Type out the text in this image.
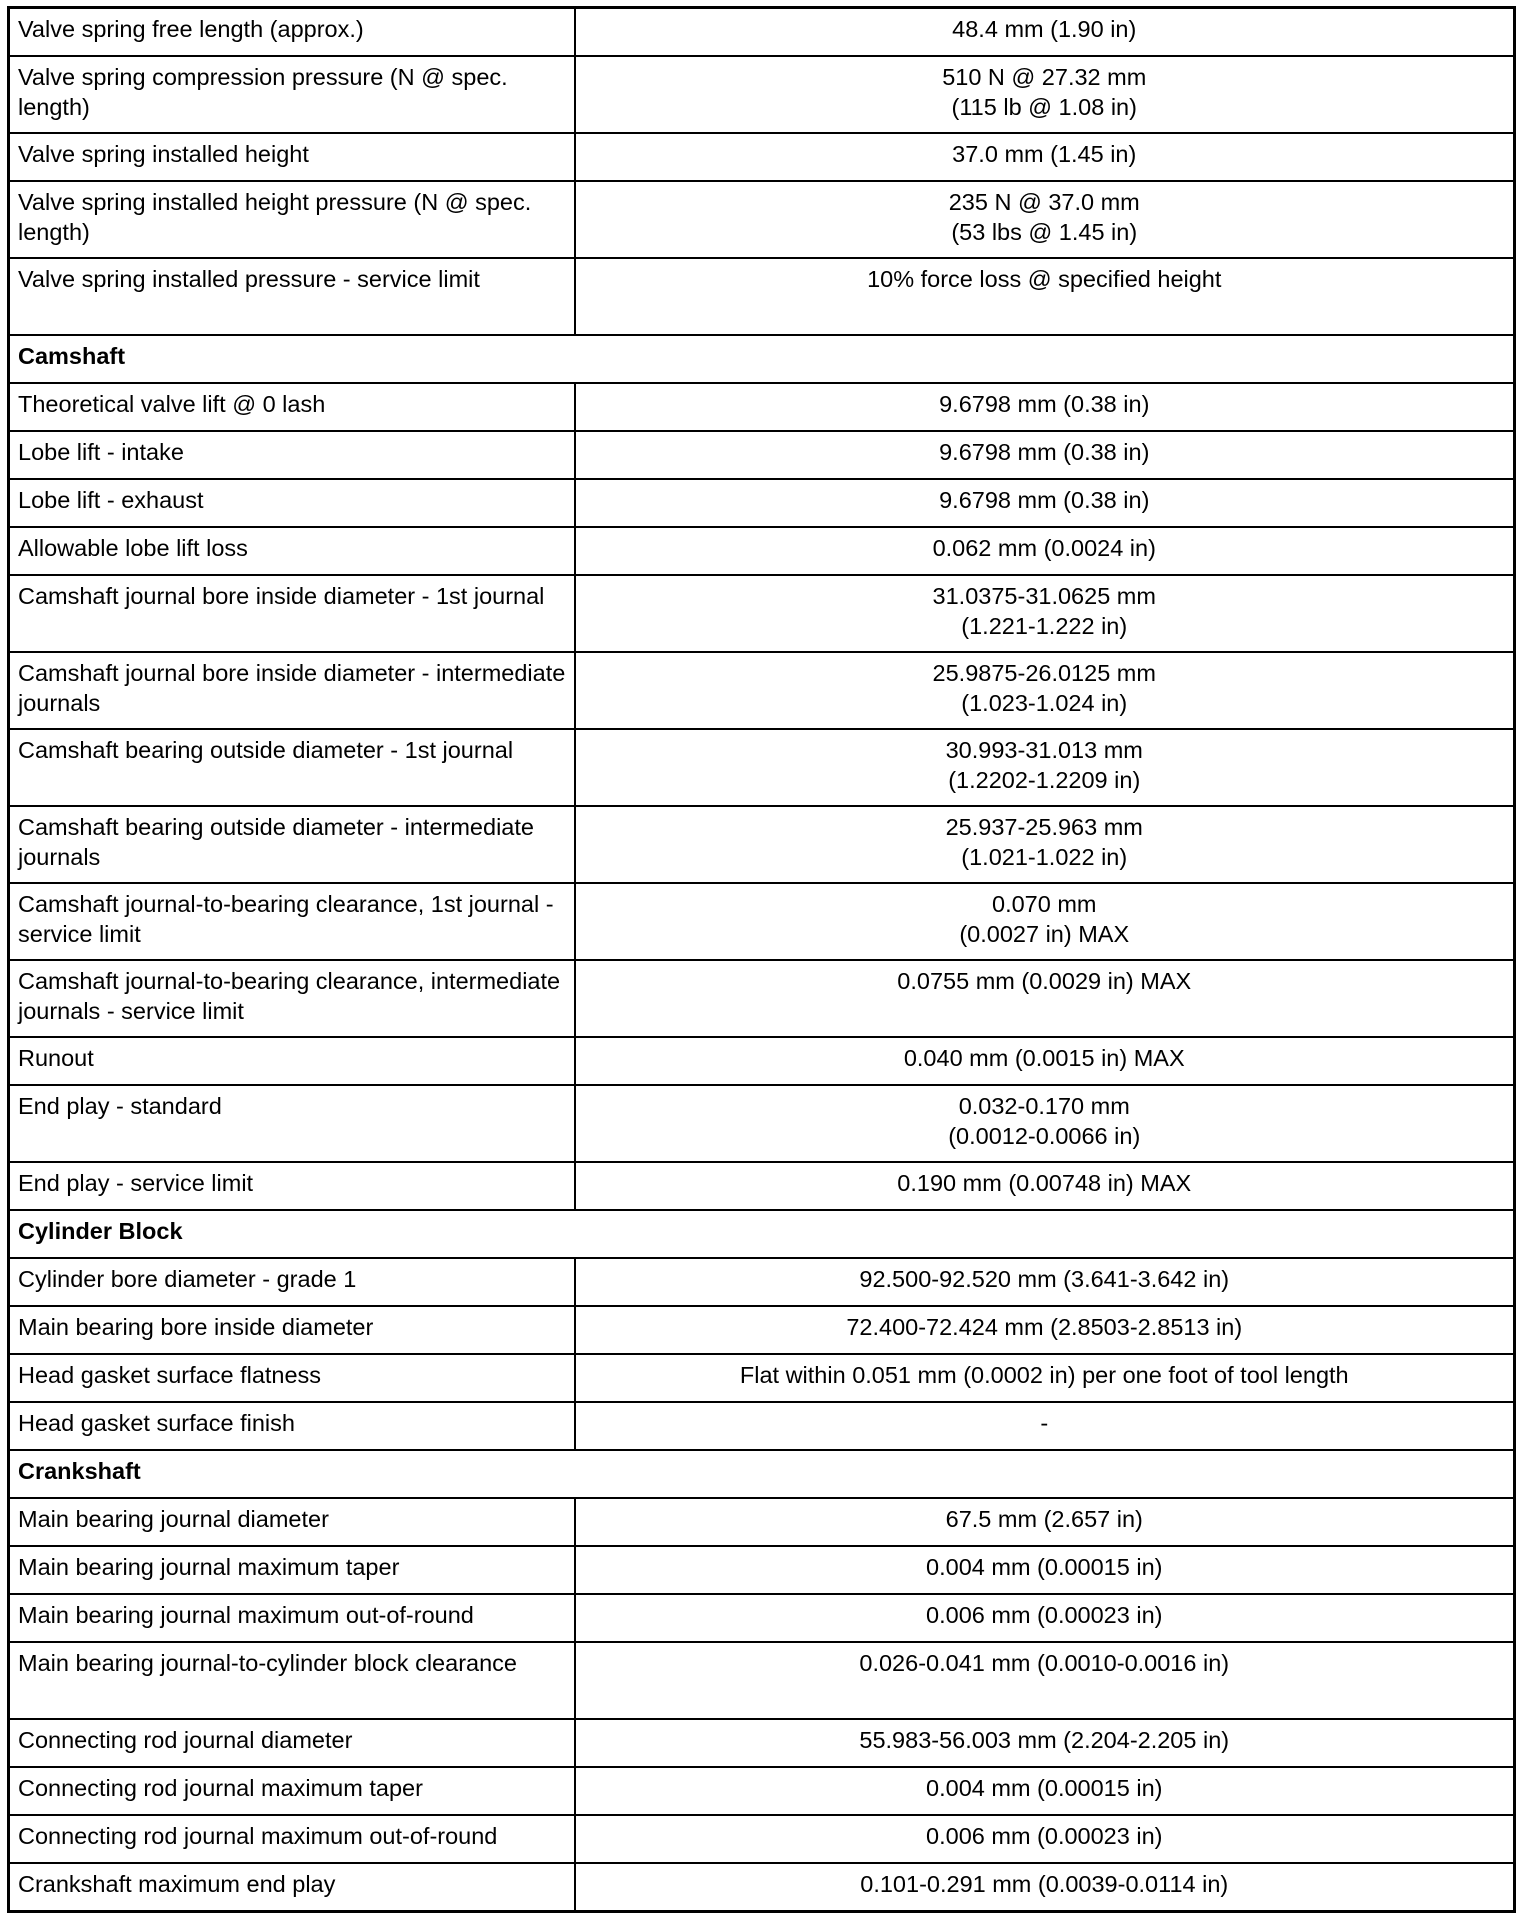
Valve spring free length (approx.)	48.4 mm (1.90 in)
Valve spring compression pressure (N @ spec. length)	510 N @ 27.32 mm
(115 lb @ 1.08 in)
Valve spring installed height	37.0 mm (1.45 in)
Valve spring installed height pressure (N @ spec. length)	235 N @ 37.0 mm
(53 lbs @ 1.45 in)
Valve spring installed pressure - service limit	10% force loss @ specified height
Camshaft	
Theoretical valve lift @ 0 lash	9.6798 mm (0.38 in)
Lobe lift - intake	9.6798 mm (0.38 in)
Lobe lift - exhaust	9.6798 mm (0.38 in)
Allowable lobe lift loss	0.062 mm (0.0024 in)
Camshaft journal bore inside diameter - 1st journal	31.0375-31.0625 mm
(1.221-1.222 in)
Camshaft journal bore inside diameter - intermediate journals	25.9875-26.0125 mm
(1.023-1.024 in)
Camshaft bearing outside diameter - 1st journal	30.993-31.013 mm
(1.2202-1.2209 in)
Camshaft bearing outside diameter - intermediate journals	25.937-25.963 mm
(1.021-1.022 in)
Camshaft journal-to-bearing clearance, 1st journal - service limit	0.070 mm
(0.0027 in) MAX
Camshaft journal-to-bearing clearance, intermediate journals - service limit	0.0755 mm (0.0029 in) MAX
Runout	0.040 mm (0.0015 in) MAX
End play - standard	0.032-0.170 mm
(0.0012-0.0066 in)
End play - service limit	0.190 mm (0.00748 in) MAX
Cylinder Block	
Cylinder bore diameter - grade 1	92.500-92.520 mm (3.641-3.642 in)
Main bearing bore inside diameter	72.400-72.424 mm (2.8503-2.8513 in)
Head gasket surface flatness	Flat within 0.051 mm (0.0002 in) per one foot of tool length
Head gasket surface finish	-
Crankshaft	
Main bearing journal diameter	67.5 mm (2.657 in)
Main bearing journal maximum taper	0.004 mm (0.00015 in)
Main bearing journal maximum out-of-round	0.006 mm (0.00023 in)
Main bearing journal-to-cylinder block clearance	0.026-0.041 mm (0.0010-0.0016 in)
Connecting rod journal diameter	55.983-56.003 mm (2.204-2.205 in)
Connecting rod journal maximum taper	0.004 mm (0.00015 in)
Connecting rod journal maximum out-of-round	0.006 mm (0.00023 in)
Crankshaft maximum end play	0.101-0.291 mm (0.0039-0.0114 in)
